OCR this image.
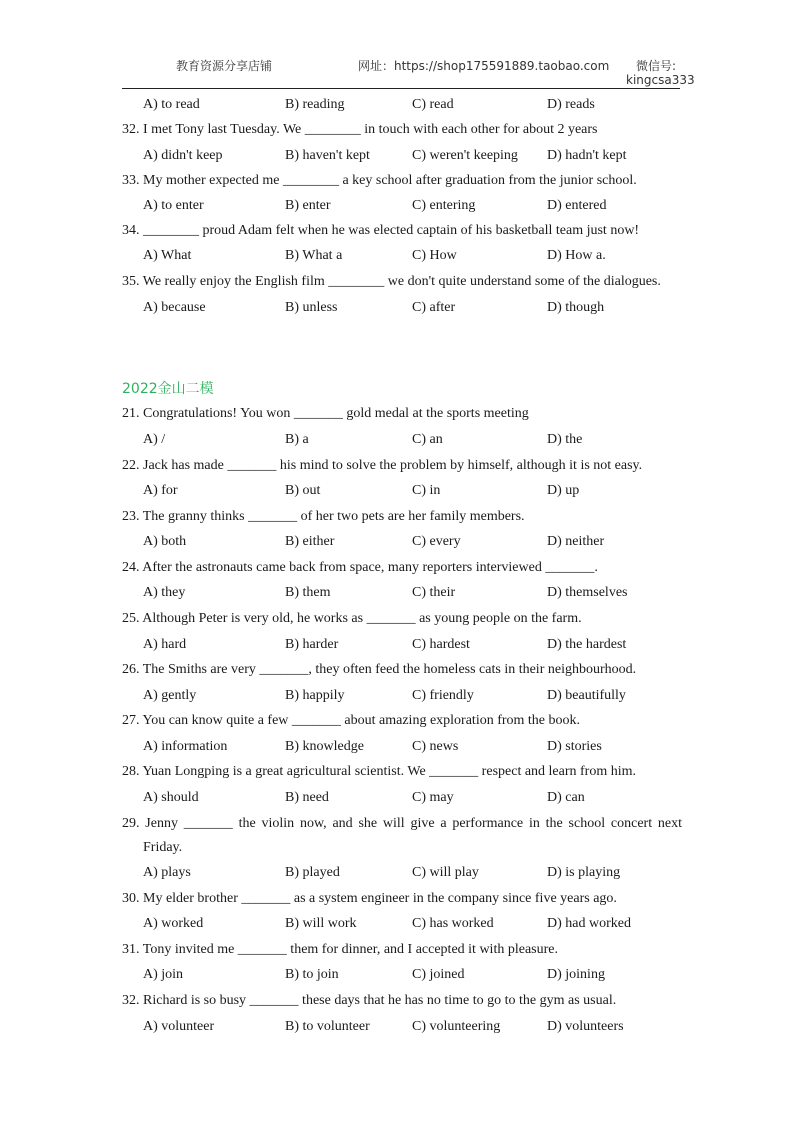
教育资源分享店铺	网址：https://shop175591889.taobao.com 微信号:
kingcsa333
A) to read	B) reading	C) read	D) reads
32. I met Tony last Tuesday. We ________ in touch with each other for about 2 years
A) didn't keep	B) haven't kept	C) weren't keeping D) hadn't kept
33. My mother expected me ________ a key school after graduation from the junior school.
A) to enter	B) enter	C) entering	D) entered
34. ________ proud Adam felt when he was elected captain of his basketball team just now!
A) What	B) What a	C) How	D) How a.
35. We really enjoy the English film ________ we don't quite understand some of the dialogues.
A) because	B) unless	C) after	D) though
2022金山二模
21. Congratulations! You won _______ gold medal at the sports meeting
A) /	B) a	C) an	D) the
22. Jack has made _______ his mind to solve the problem by himself, although it is not easy.
A) for	B) out	C) in	D) up
23. The granny thinks _______ of her two pets are her family members.
A) both	B) either	C) every	D) neither
24. After the astronauts came back from space, many reporters interviewed _______.
A) they	B) them	C) their	D) themselves
25. Although Peter is very old, he works as _______ as young people on the farm.
A) hard	B) harder	C) hardest	D) the hardest
26. The Smiths are very _______, they often feed the homeless cats in their neighbourhood.
A) gently	B) happily	C) friendly	D) beautifully
27. You can know quite a few _______ about amazing exploration from the book.
A) information	B) knowledge	C) news	D) stories
28. Yuan Longping is a great agricultural scientist. We _______ respect and learn from him.
A) should	B) need	C) may	D) can
29. Jenny _______ the violin now, and she will give a performance in the school concert next
Friday.
A) plays	B) played	C) will play	D) is playing
30. My elder brother _______ as a system engineer in the company since five years ago.
A) worked	B) will work	C) has worked	D) had worked
31. Tony invited me _______ them for dinner, and I accepted it with pleasure.
A) join	B) to join	C) joined	D) joining
32. Richard is so busy _______ these days that he has no time to go to the gym as usual.
A) volunteer	B) to volunteer	C) volunteering	D) volunteers
